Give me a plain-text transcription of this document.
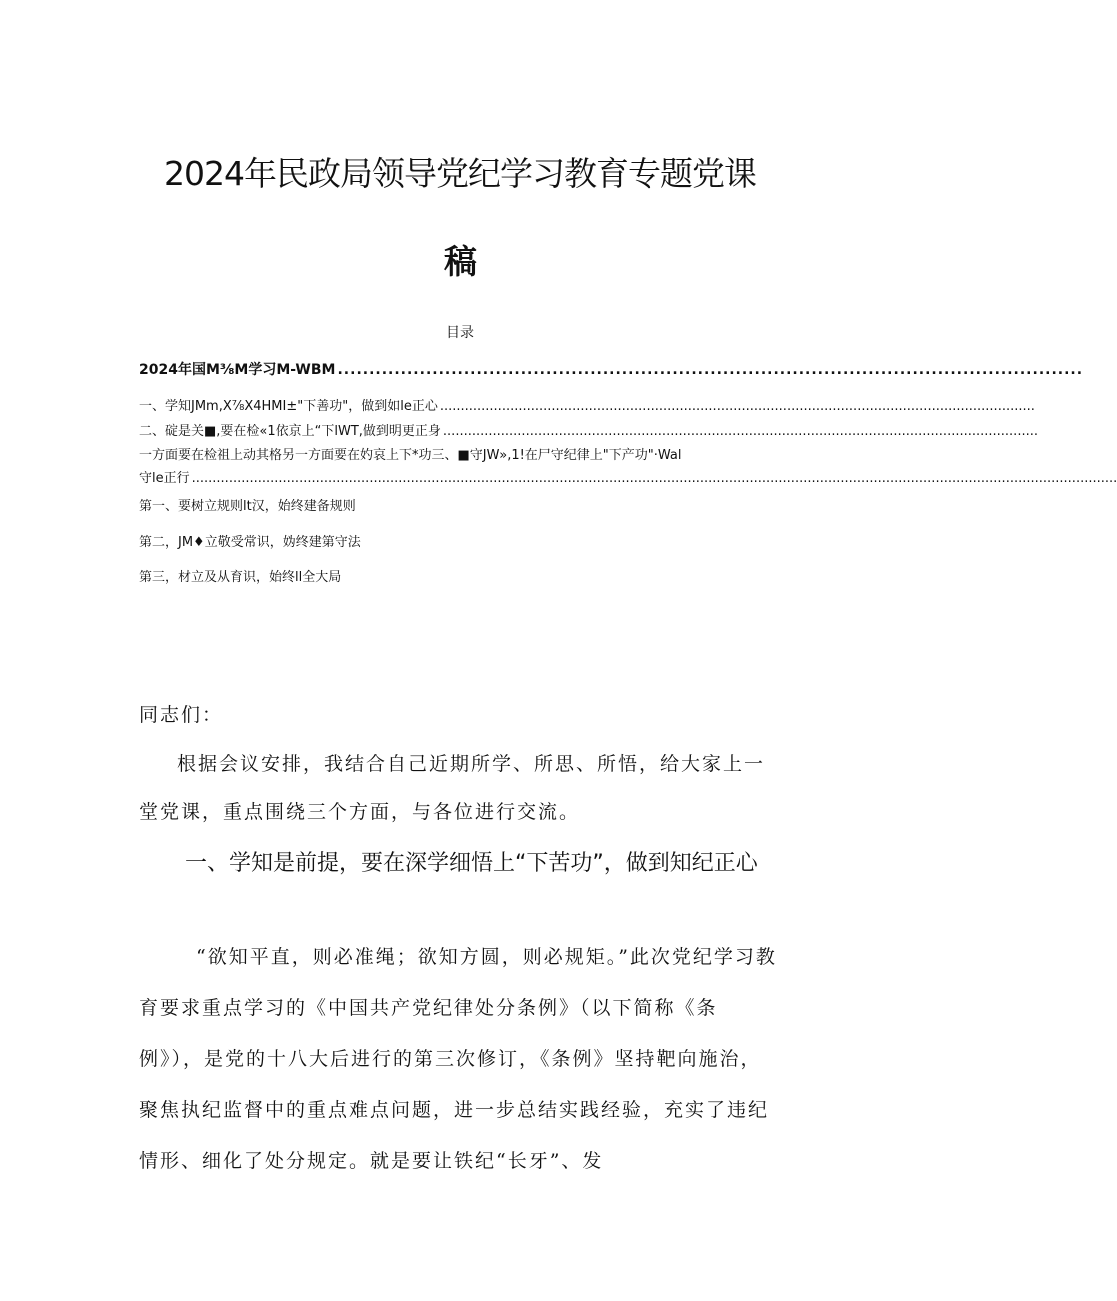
2024年民政局领导党纪学习教育专题党课
稿
目录
2024年国M⅜M学习M-WBM ......................................................................................................................
一、学知JMm,X⅞X4HMI±"下善功"，做到如le正心 ................................................................................................................................................
二、碇是关■,要在检«1依京上“下lWT,做到明更正身 ................................................................................................................................................
一方面要在检祖上动其格另一方面要在妁哀上下*功三、■守JW»,1!在尸守纪律上"下产功"·Wal
守le正行 ................................................................................................................................................................................................................................
第一、要树立规则lt汉，始终建备规则
第二，JM♦立敬受常识，妫终建第守法
第三，材立及从育识，始终ll全大局
同志们：
根据会议安排，我结合自己近期所学、所思、所悟，给大家上一堂党课，重点围绕三个方面，与各位进行交流。
一、学知是前提，要在深学细悟上“下苦功”，做到知纪正心
“欲知平直，则必准绳；欲知方圆，则必规矩。”此次党纪学习教育要求重点学习的《中国共产党纪律处分条例》（以下简称《条例》），是党的十八大后进行的第三次修订，《条例》坚持靶向施治，聚焦执纪监督中的重点难点问题，进一步总结实践经验，充实了违纪情形、细化了处分规定。就是要让铁纪“长牙”、发
